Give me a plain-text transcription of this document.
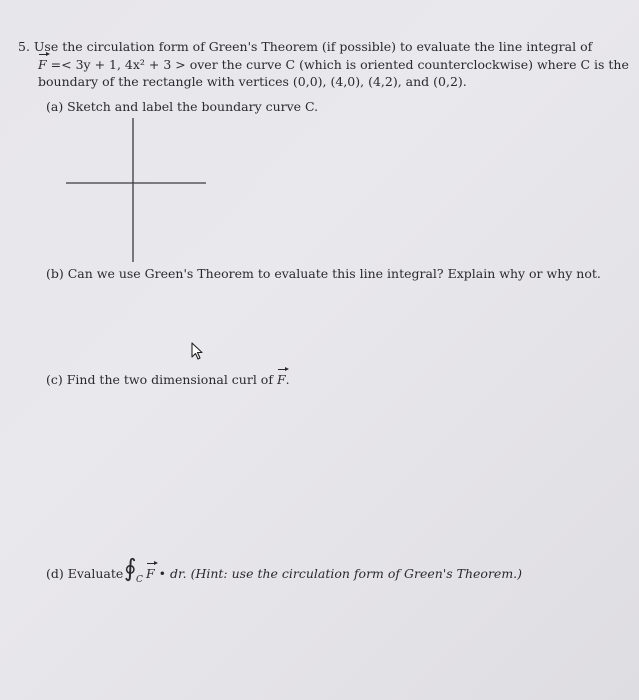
5. Use the circulation form of Green's Theorem (if possible) to evaluate the line integral of
F =< 3y + 1, 4x² + 3 > over the curve C (which is oriented counterclockwise) where C is the
boundary of the rectangle with vertices (0,0), (4,0), (4,2), and (0,2).
(a) Sketch and label the boundary curve C.
(b) Can we use Green's Theorem to evaluate this line integral? Explain why or why not.
(c) Find the two dimensional curl of F.
(d) Evaluate ∮ C F • dr. (Hint: use the circulation form of Green's Theorem.)
